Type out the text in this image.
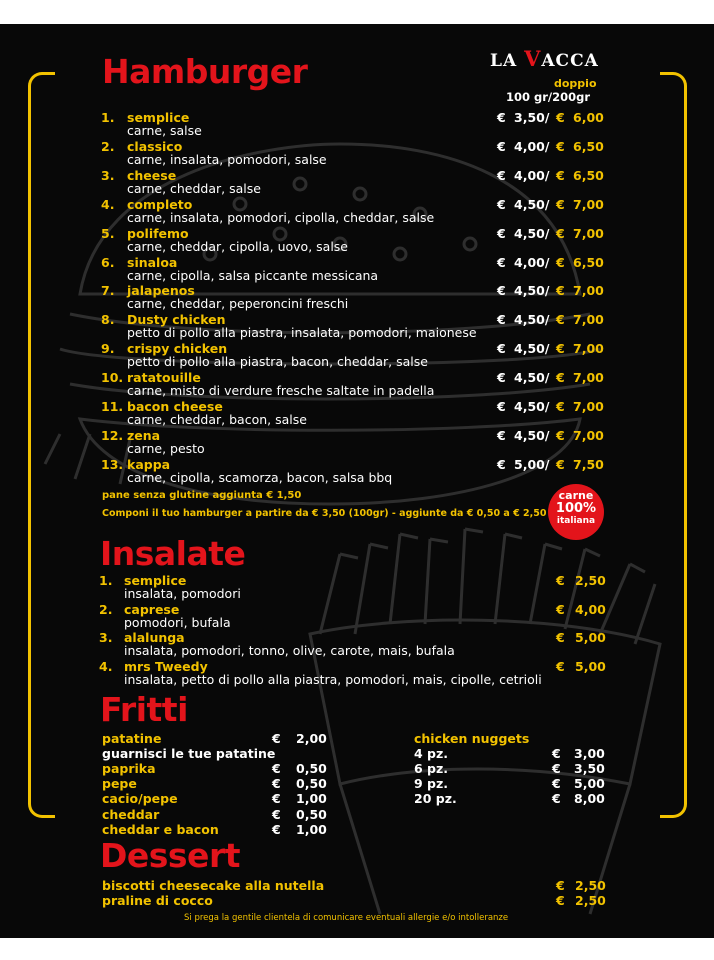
LA VACCA
Hamburger	doppio
100 gr/200gr
1. semplice
carne, salse
€ 3,50/ € 6,00
2. classico
carne, insalata, pomodori, salse
€ 4,00/ € 6,50
3. cheese
carne, cheddar, salse
€ 4,00/ € 6,50
4. completo
carne, insalata, pomodori, cipolla, cheddar, salse
€ 4,50/ € 7,00
5. polifemo
carne, cheddar, cipolla, uovo, salse
€ 4,50/ € 7,00
6. sinaloa
carne, cipolla, salsa piccante messicana
€ 4,00/ € 6,50
7. jalapenos
carne, cheddar, peperoncini freschi
€ 4,50/ € 7,00
8. Dusty chicken
petto di pollo alla piastra, insalata, pomodori, maionese
€ 4,50/ € 7,00
9. crispy chicken
petto di pollo alla piastra, bacon, cheddar, salse
€ 4,50/ € 7,00
10. ratatouille
carne, misto di verdure fresche saltate in padella
€ 4,50/ € 7,00
11. bacon cheese
carne, cheddar, bacon, salse
€ 4,50/ € 7,00
12. zena
carne, pesto
€ 4,50/ € 7,00
13. kappa
carne, cipolla, scamorza, bacon, salsa bbq
€ 5,00/ € 7,50
pane senza glutine aggiunta € 1,50
Componi il tuo hamburger a partire da € 3,50 (100gr) - aggiunte da € 0,50 a € 2,50
carne
100%
italiana
Insalate
1. semplice
insalata, pomodori
€ 2,50
2. caprese
pomodori, bufala
€ 4,00
3. alalunga
insalata, pomodori, tonno, olive, carote, mais, bufala
€ 5,00
4. mrs Tweedy
insalata, petto di pollo alla piastra, pomodori, mais, cipolle, cetrioli
€ 5,00
Fritti
patatine	€ 2,00
guarnisci le tue patatine
paprika	€ 0,50
pepe	€ 0,50
cacio/pepe	€ 1,00
cheddar	€ 0,50
cheddar e bacon	€ 1,00
chicken nuggets
4 pz.	€ 3,00
6 pz.	€ 3,50
9 pz.	€ 5,00
20 pz.	€ 8,00
Dessert
biscotti cheesecake alla nutella	€ 2,50
praline di cocco	€ 2,50
Si prega la gentile clientela di comunicare eventuali allergie e/o intolleranze
